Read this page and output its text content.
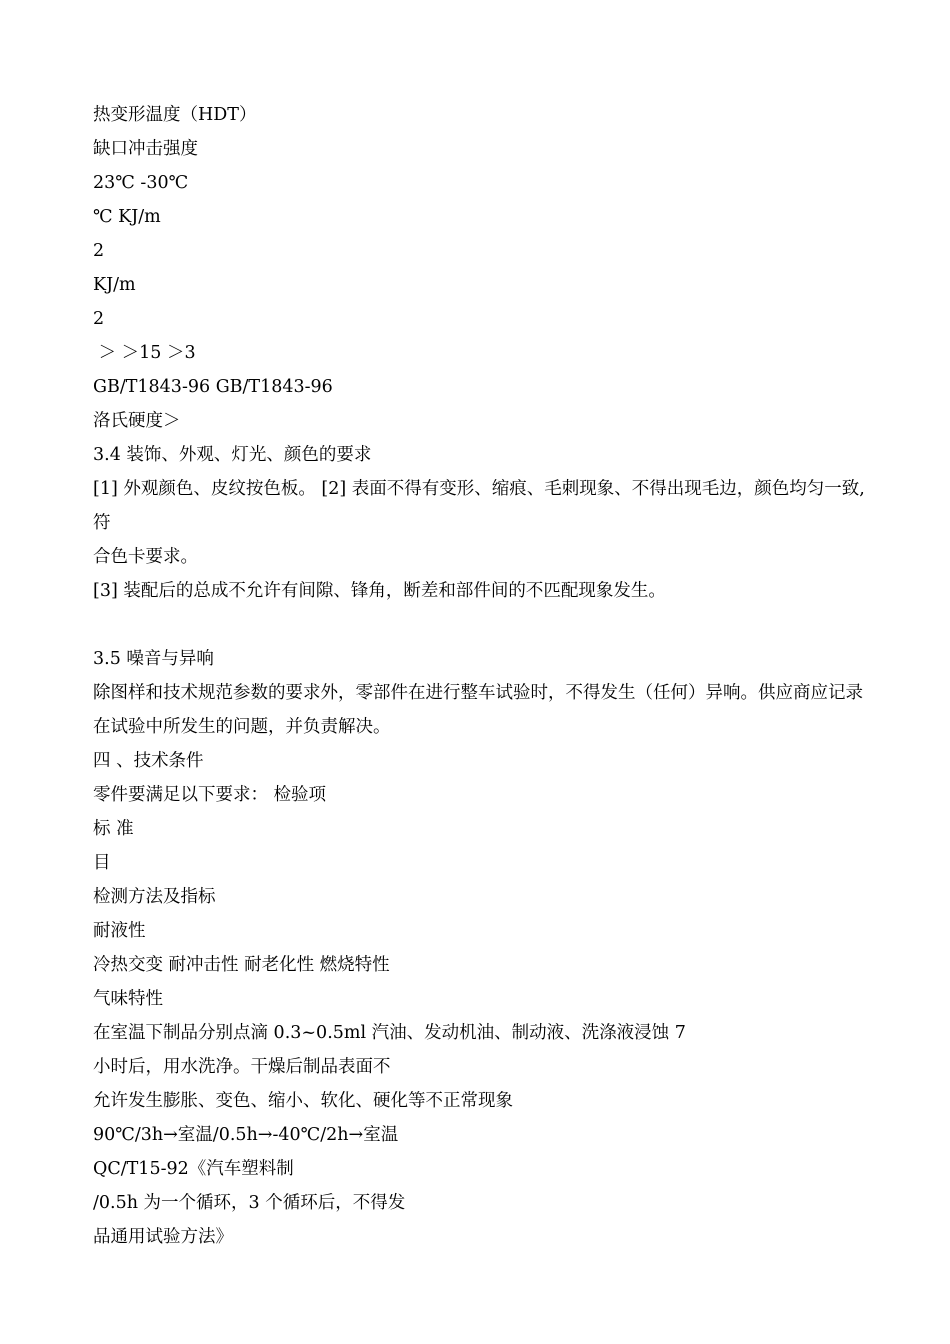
热变形温度（HDT）
缺口冲击强度
23℃ -30℃
℃ KJ/m
2
KJ/m
2
＞ ＞15 ＞3
GB/T1843-96 GB/T1843-96
洛氏硬度＞
3.4 装饰、外观、灯光、颜色的要求
[1] 外观颜色、皮纹按色板。 [2] 表面不得有变形、缩痕、毛刺现象、不得出现毛边，颜色均匀一致, 符
合色卡要求。
[3] 装配后的总成不允许有间隙、锋角，断差和部件间的不匹配现象发生。
3.5 噪音与异响
除图样和技术规范参数的要求外，零部件在进行整车试验时，不得发生（任何）异响。供应商应记录在试验中所发生的问题，并负责解决。
四 、技术条件
零件要满足以下要求： 检验项
标 准
目
检测方法及指标
耐液性
冷热交变 耐冲击性 耐老化性 燃烧特性
气味特性
在室温下制品分别点滴 0.3~0.5ml 汽油、发动机油、制动液、洗涤液浸蚀 7
小时后，用水洗净。干燥后制品表面不
允许发生膨胀、变色、缩小、软化、硬化等不正常现象
90℃/3h→室温/0.5h→-40℃/2h→室温
QC/T15-92《汽车塑料制
/0.5h 为一个循环，3 个循环后，不得发
品通用试验方法》
